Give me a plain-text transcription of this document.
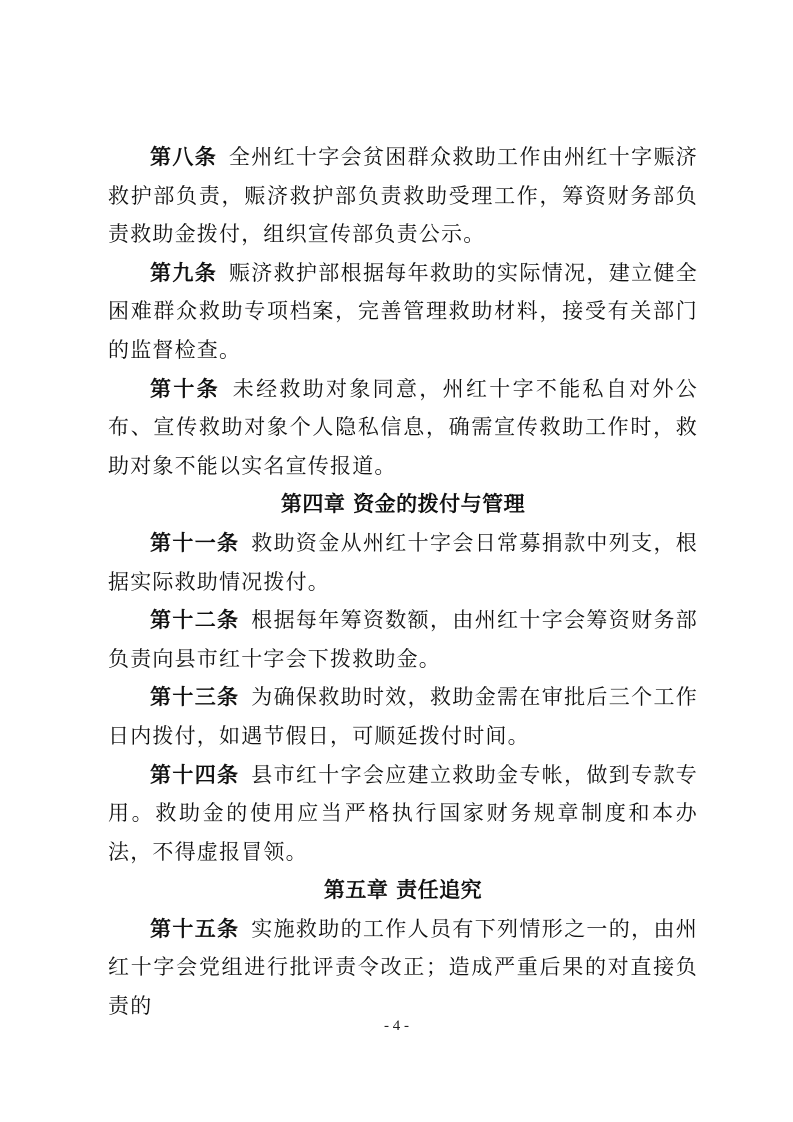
第八条  全州红十字会贫困群众救助工作由州红十字赈济救护部负责，赈济救护部负责救助受理工作，筹资财务部负责救助金拨付，组织宣传部负责公示。

第九条  赈济救护部根据每年救助的实际情况，建立健全困难群众救助专项档案，完善管理救助材料，接受有关部门的监督检查。

第十条  未经救助对象同意，州红十字不能私自对外公布、宣传救助对象个人隐私信息，确需宣传救助工作时，救助对象不能以实名宣传报道。

第四章 资金的拨付与管理

第十一条  救助资金从州红十字会日常募捐款中列支，根据实际救助情况拨付。

第十二条  根据每年筹资数额，由州红十字会筹资财务部负责向县市红十字会下拨救助金。

第十三条  为确保救助时效，救助金需在审批后三个工作日内拨付，如遇节假日，可顺延拨付时间。

第十四条  县市红十字会应建立救助金专帐，做到专款专用。救助金的使用应当严格执行国家财务规章制度和本办法，不得虚报冒领。

第五章 责任追究

第十五条  实施救助的工作人员有下列情形之一的，由州红十字会党组进行批评责令改正；造成严重后果的对直接负责的

- 4 -
